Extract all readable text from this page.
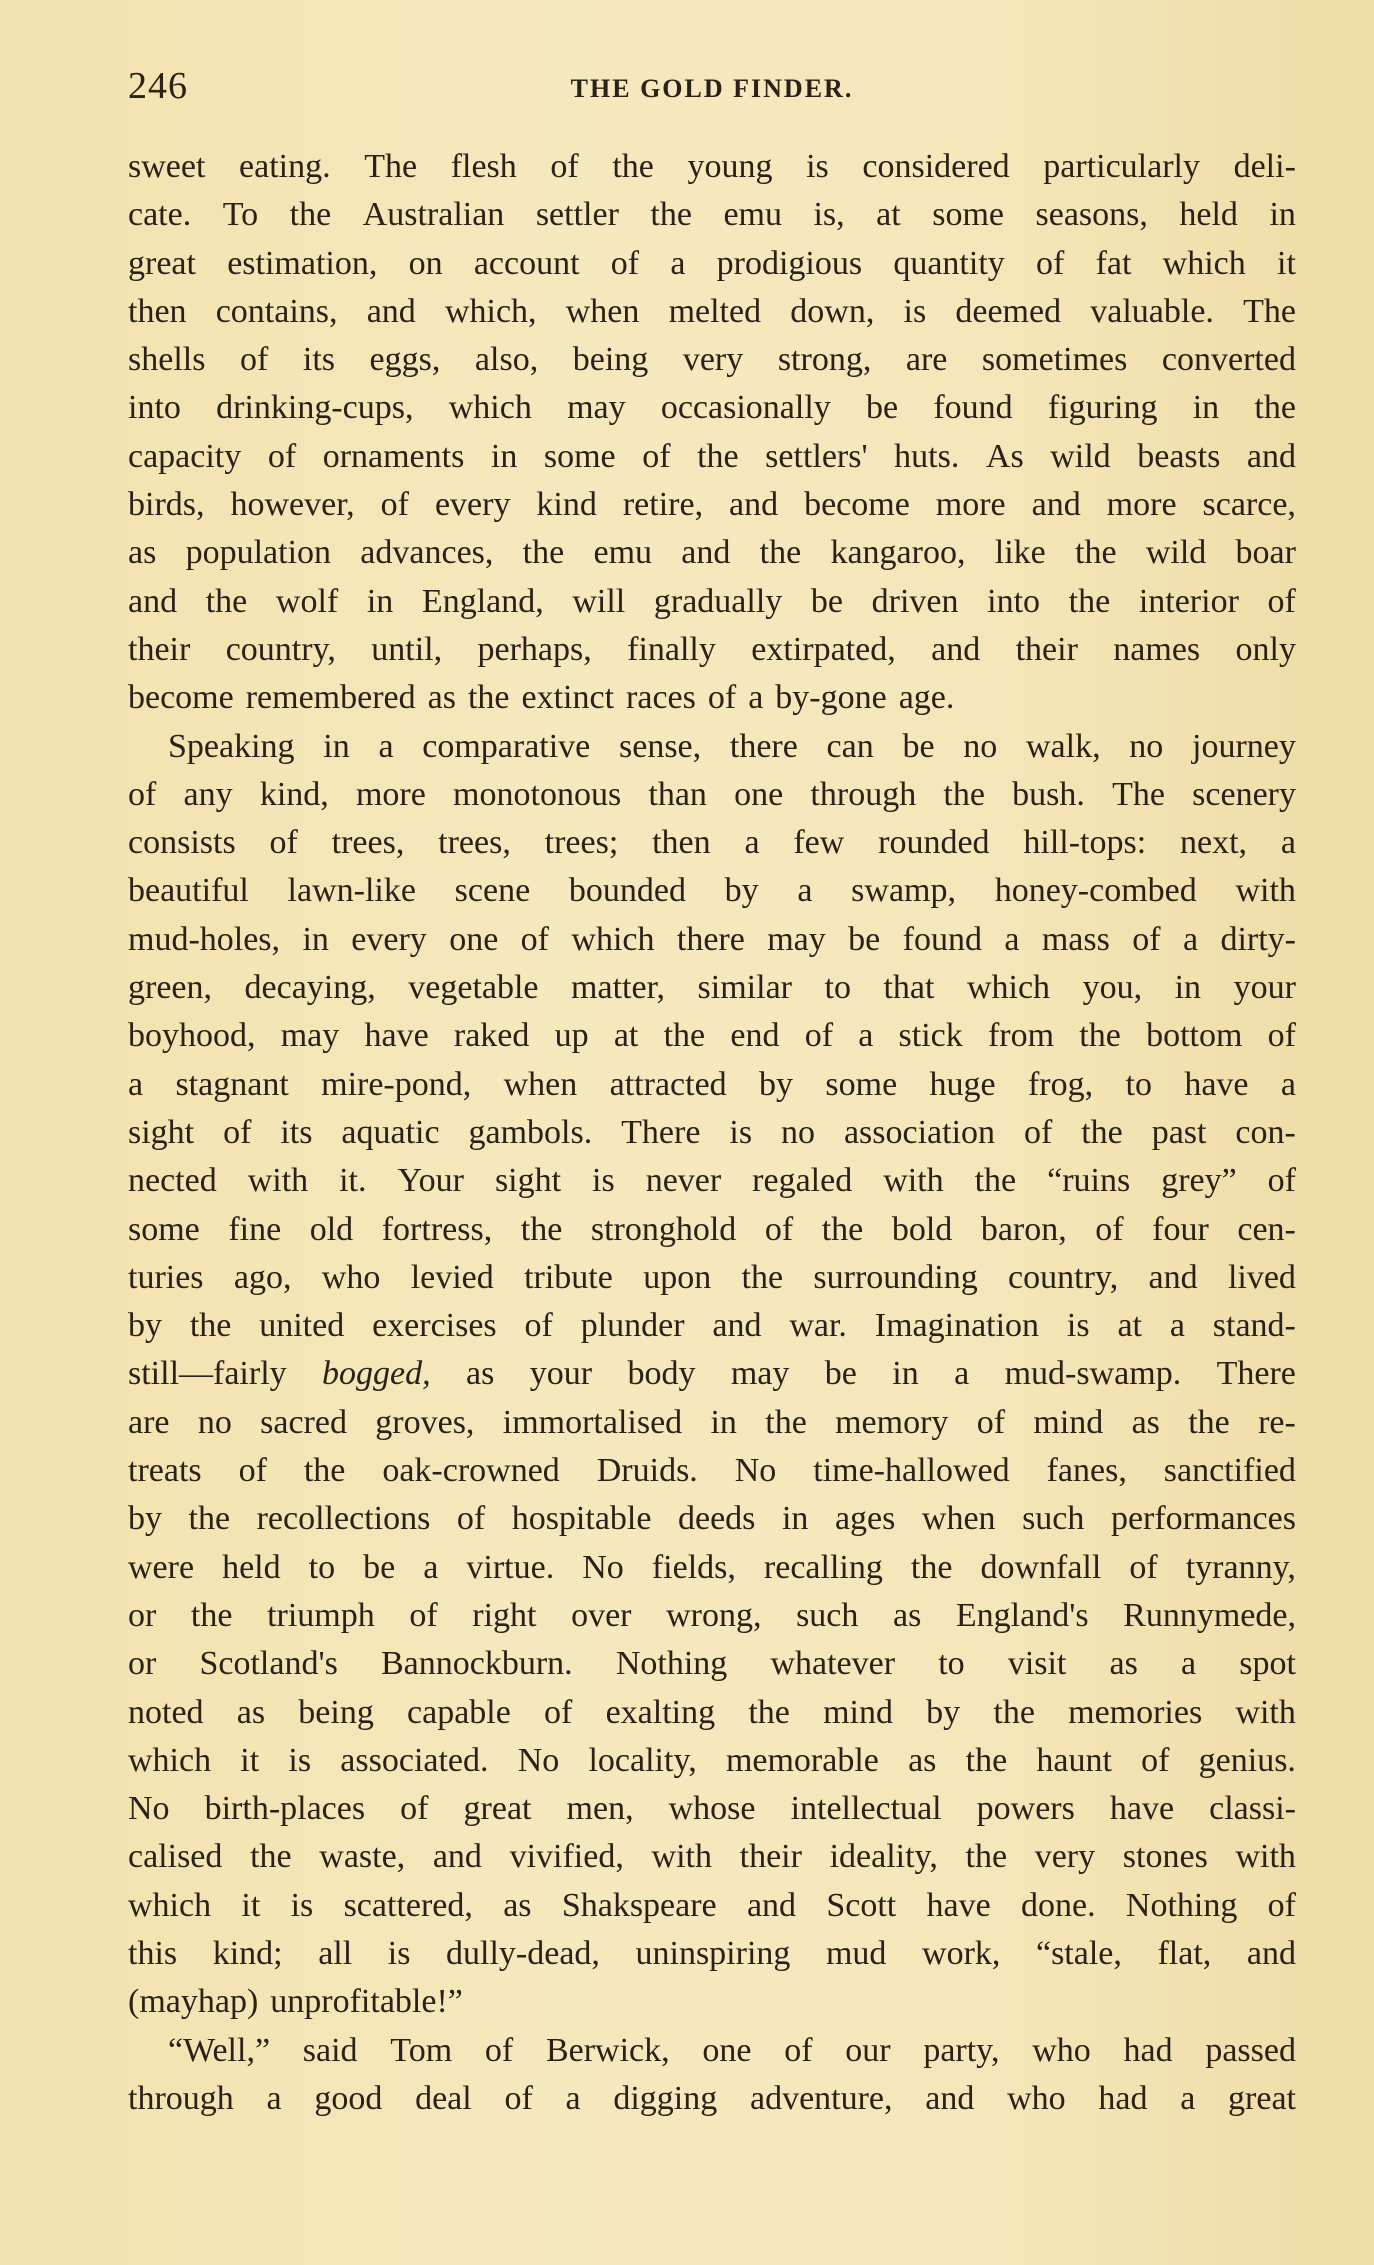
246	THE GOLD FINDER.
sweet eating. The flesh of the young is considered particularly deli-
cate. To the Australian settler the emu is, at some seasons, held in
great estimation, on account of a prodigious quantity of fat which it
then contains, and which, when melted down, is deemed valuable. The
shells of its eggs, also, being very strong, are sometimes converted
into drinking-cups, which may occasionally be found figuring in the
capacity of ornaments in some of the settlers' huts. As wild beasts and
birds, however, of every kind retire, and become more and more scarce,
as population advances, the emu and the kangaroo, like the wild boar
and the wolf in England, will gradually be driven into the interior of
their country, until, perhaps, finally extirpated, and their names only
become remembered as the extinct races of a by-gone age.
Speaking in a comparative sense, there can be no walk, no journey
of any kind, more monotonous than one through the bush. The scenery
consists of trees, trees, trees; then a few rounded hill-tops: next, a
beautiful lawn-like scene bounded by a swamp, honey-combed with
mud-holes, in every one of which there may be found a mass of a dirty-
green, decaying, vegetable matter, similar to that which you, in your
boyhood, may have raked up at the end of a stick from the bottom of
a stagnant mire-pond, when attracted by some huge frog, to have a
sight of its aquatic gambols. There is no association of the past con-
nected with it. Your sight is never regaled with the “ruins grey” of
some fine old fortress, the stronghold of the bold baron, of four cen-
turies ago, who levied tribute upon the surrounding country, and lived
by the united exercises of plunder and war. Imagination is at a stand-
still—fairly bogged, as your body may be in a mud-swamp. There
are no sacred groves, immortalised in the memory of mind as the re-
treats of the oak-crowned Druids. No time-hallowed fanes, sanctified
by the recollections of hospitable deeds in ages when such performances
were held to be a virtue. No fields, recalling the downfall of tyranny,
or the triumph of right over wrong, such as England's Runnymede,
or Scotland's Bannockburn. Nothing whatever to visit as a spot
noted as being capable of exalting the mind by the memories with
which it is associated. No locality, memorable as the haunt of genius.
No birth-places of great men, whose intellectual powers have classi-
calised the waste, and vivified, with their ideality, the very stones with
which it is scattered, as Shakspeare and Scott have done. Nothing of
this kind; all is dully-dead, uninspiring mud work, “stale, flat, and
(mayhap) unprofitable!”
“Well,” said Tom of Berwick, one of our party, who had passed
through a good deal of a digging adventure, and who had a great
